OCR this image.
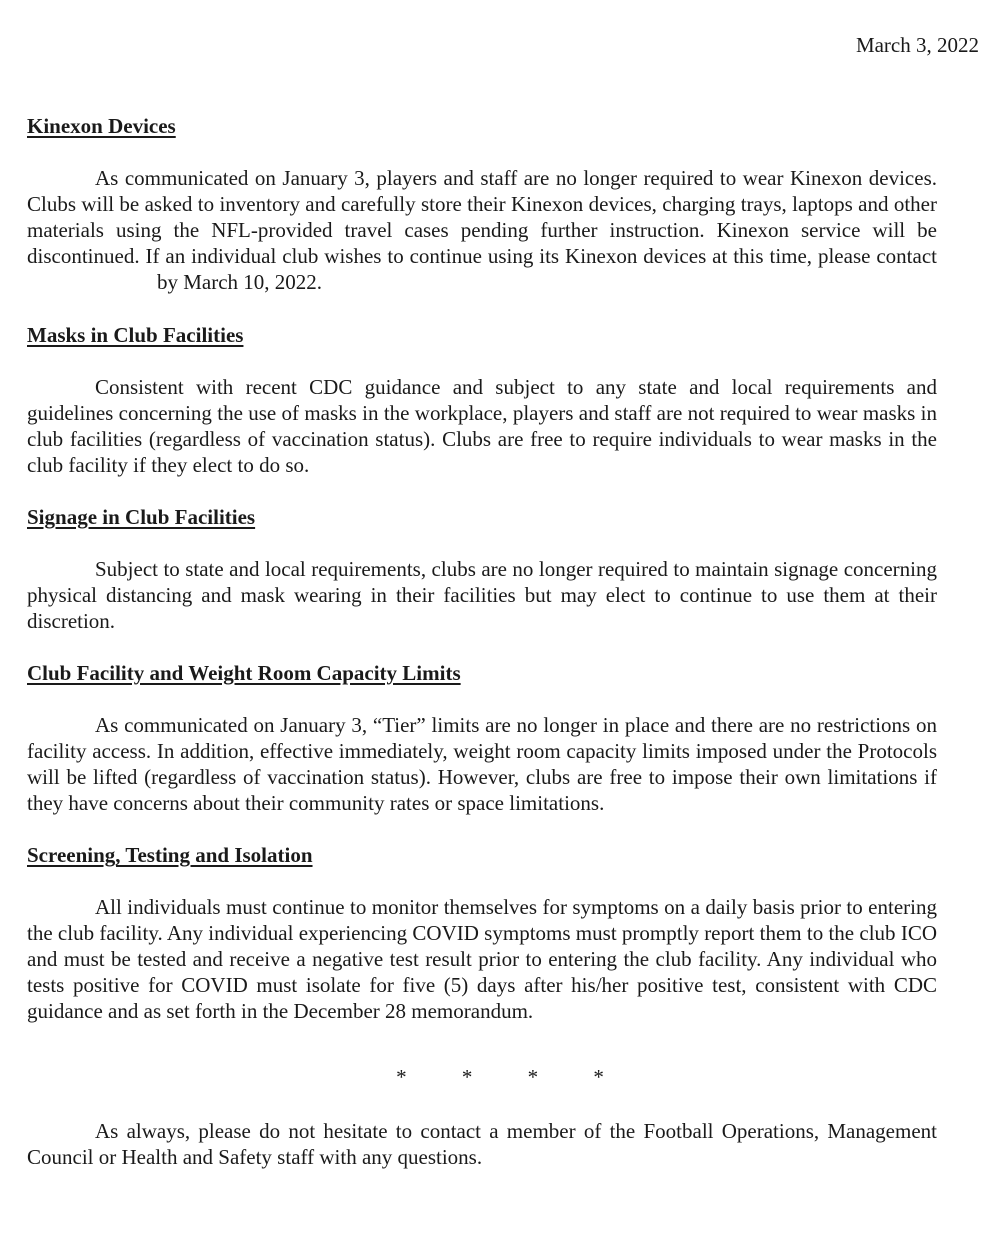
March 3, 2022
Kinexon Devices
As communicated on January 3, players and staff are no longer required to wear Kinexon devices. Clubs will be asked to inventory and carefully store their Kinexon devices, charging trays, laptops and other materials using the NFL-provided travel cases pending further instruction. Kinexon service will be discontinued. If an individual club wishes to continue using its Kinexon devices at this time, please contactby March 10, 2022.
Masks in Club Facilities
Consistent with recent CDC guidance and subject to any state and local requirements and guidelines concerning the use of masks in the workplace, players and staff are not required to wear masks in club facilities (regardless of vaccination status). Clubs are free to require individuals to wear masks in the club facility if they elect to do so.
Signage in Club Facilities
Subject to state and local requirements, clubs are no longer required to maintain signage concerning physical distancing and mask wearing in their facilities but may elect to continue to use them at their discretion.
Club Facility and Weight Room Capacity Limits
As communicated on January 3, “Tier” limits are no longer in place and there are no restrictions on facility access. In addition, effective immediately, weight room capacity limits imposed under the Protocols will be lifted (regardless of vaccination status). However, clubs are free to impose their own limitations if they have concerns about their community rates or space limitations.
Screening, Testing and Isolation
All individuals must continue to monitor themselves for symptoms on a daily basis prior to entering the club facility. Any individual experiencing COVID symptoms must promptly report them to the club ICO and must be tested and receive a negative test result prior to entering the club facility. Any individual who tests positive for COVID must isolate for five (5) days after his/her positive test, consistent with CDC guidance and as set forth in the December 28 memorandum.
* * * *
As always, please do not hesitate to contact a member of the Football Operations, Management Council or Health and Safety staff with any questions.
